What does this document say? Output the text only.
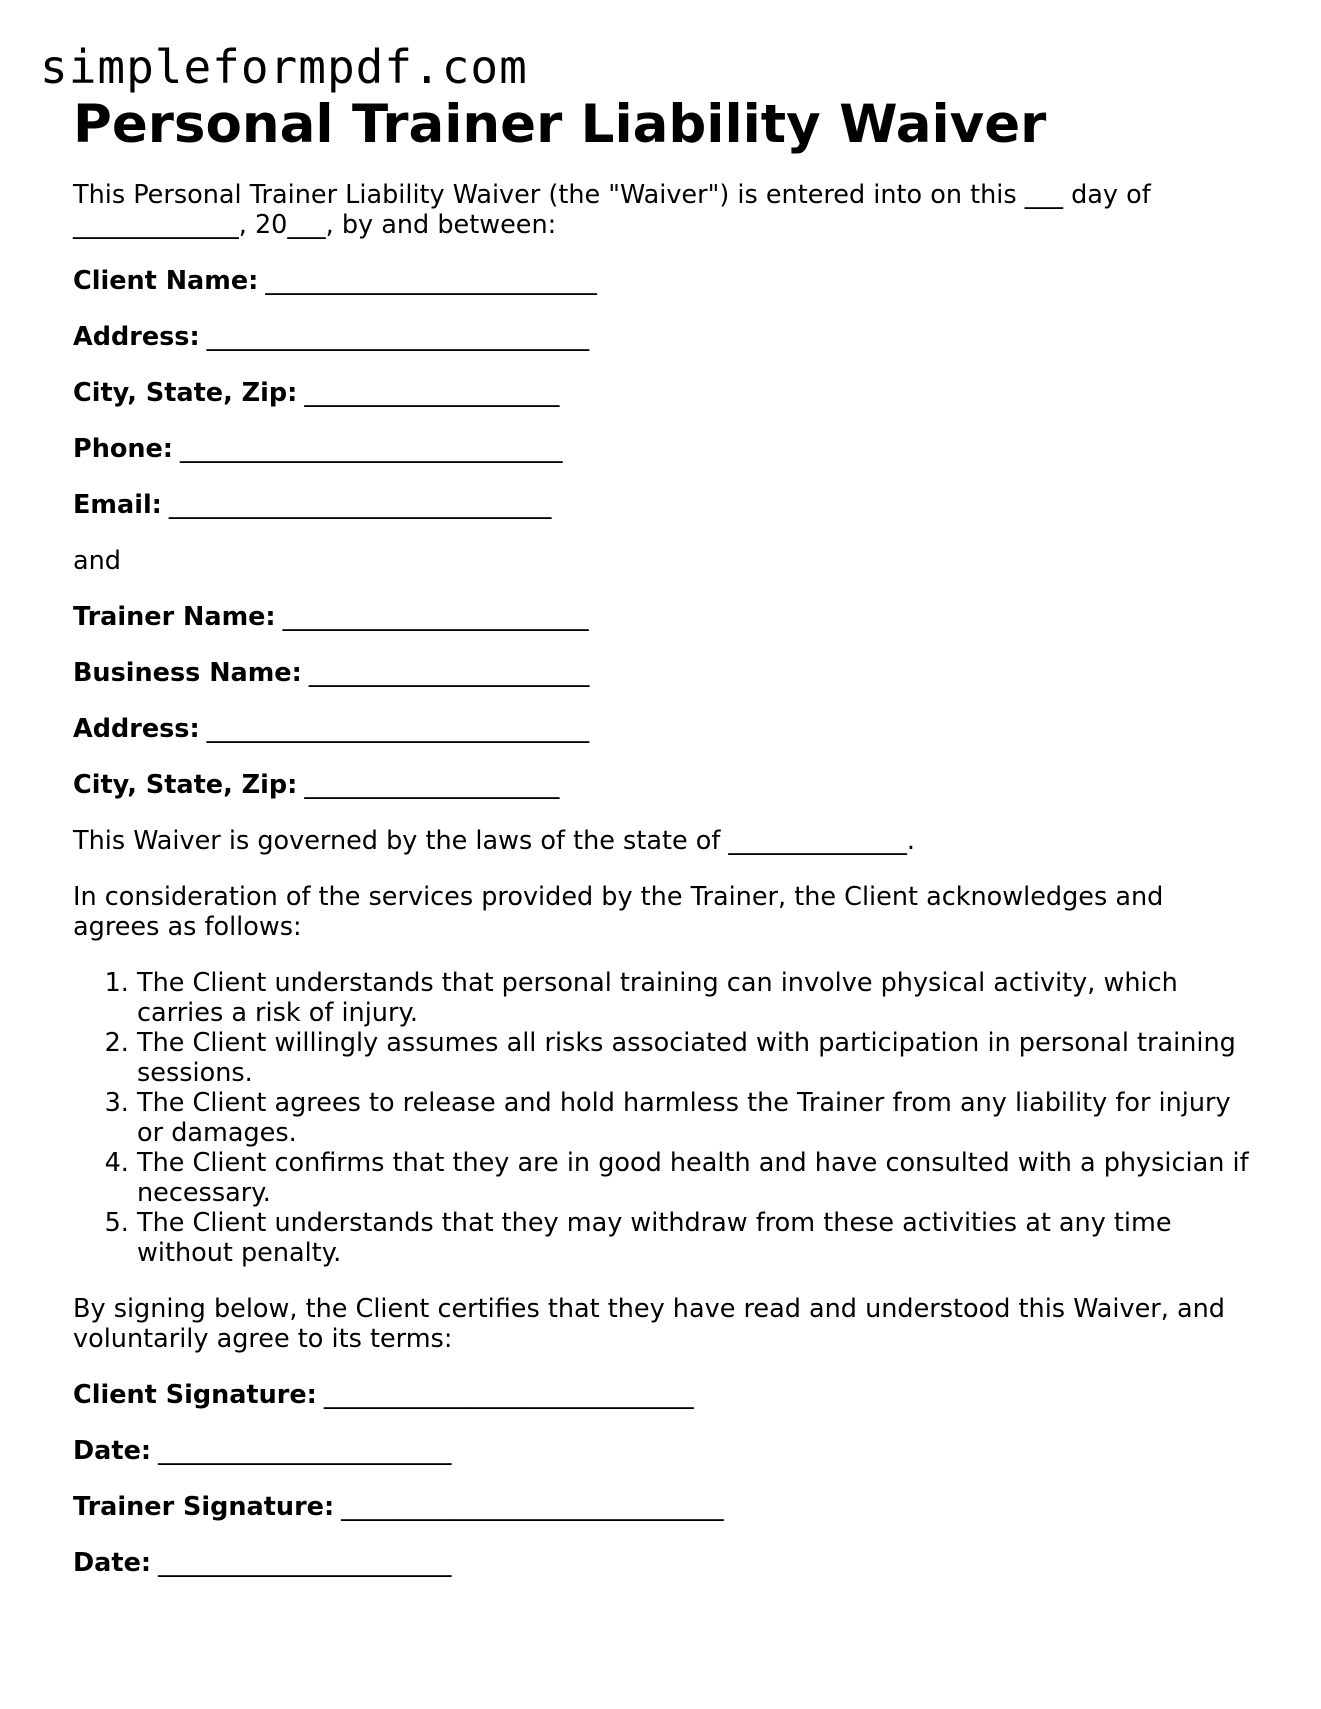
simpleformpdf.com
Personal Trainer Liability Waiver

This Personal Trainer Liability Waiver (the "Waiver") is entered into on this ___ day of
_____________, 20___, by and between:

Client Name: __________________________

Address: ______________________________

City, State, Zip: ____________________

Phone: ______________________________

Email: ______________________________

and

Trainer Name: ________________________

Business Name: ______________________

Address: ______________________________

City, State, Zip: ____________________

This Waiver is governed by the laws of the state of ______________.

In consideration of the services provided by the Trainer, the Client acknowledges and agrees as follows:

1. The Client understands that personal training can involve physical activity, which carries a risk of injury.
2. The Client willingly assumes all risks associated with participation in personal training sessions.
3. The Client agrees to release and hold harmless the Trainer from any liability for injury or damages.
4. The Client confirms that they are in good health and have consulted with a physician if necessary.
5. The Client understands that they may withdraw from these activities at any time without penalty.

By signing below, the Client certifies that they have read and understood this Waiver, and voluntarily agree to its terms:

Client Signature: _____________________________

Date: _______________________

Trainer Signature: ______________________________

Date: _______________________
